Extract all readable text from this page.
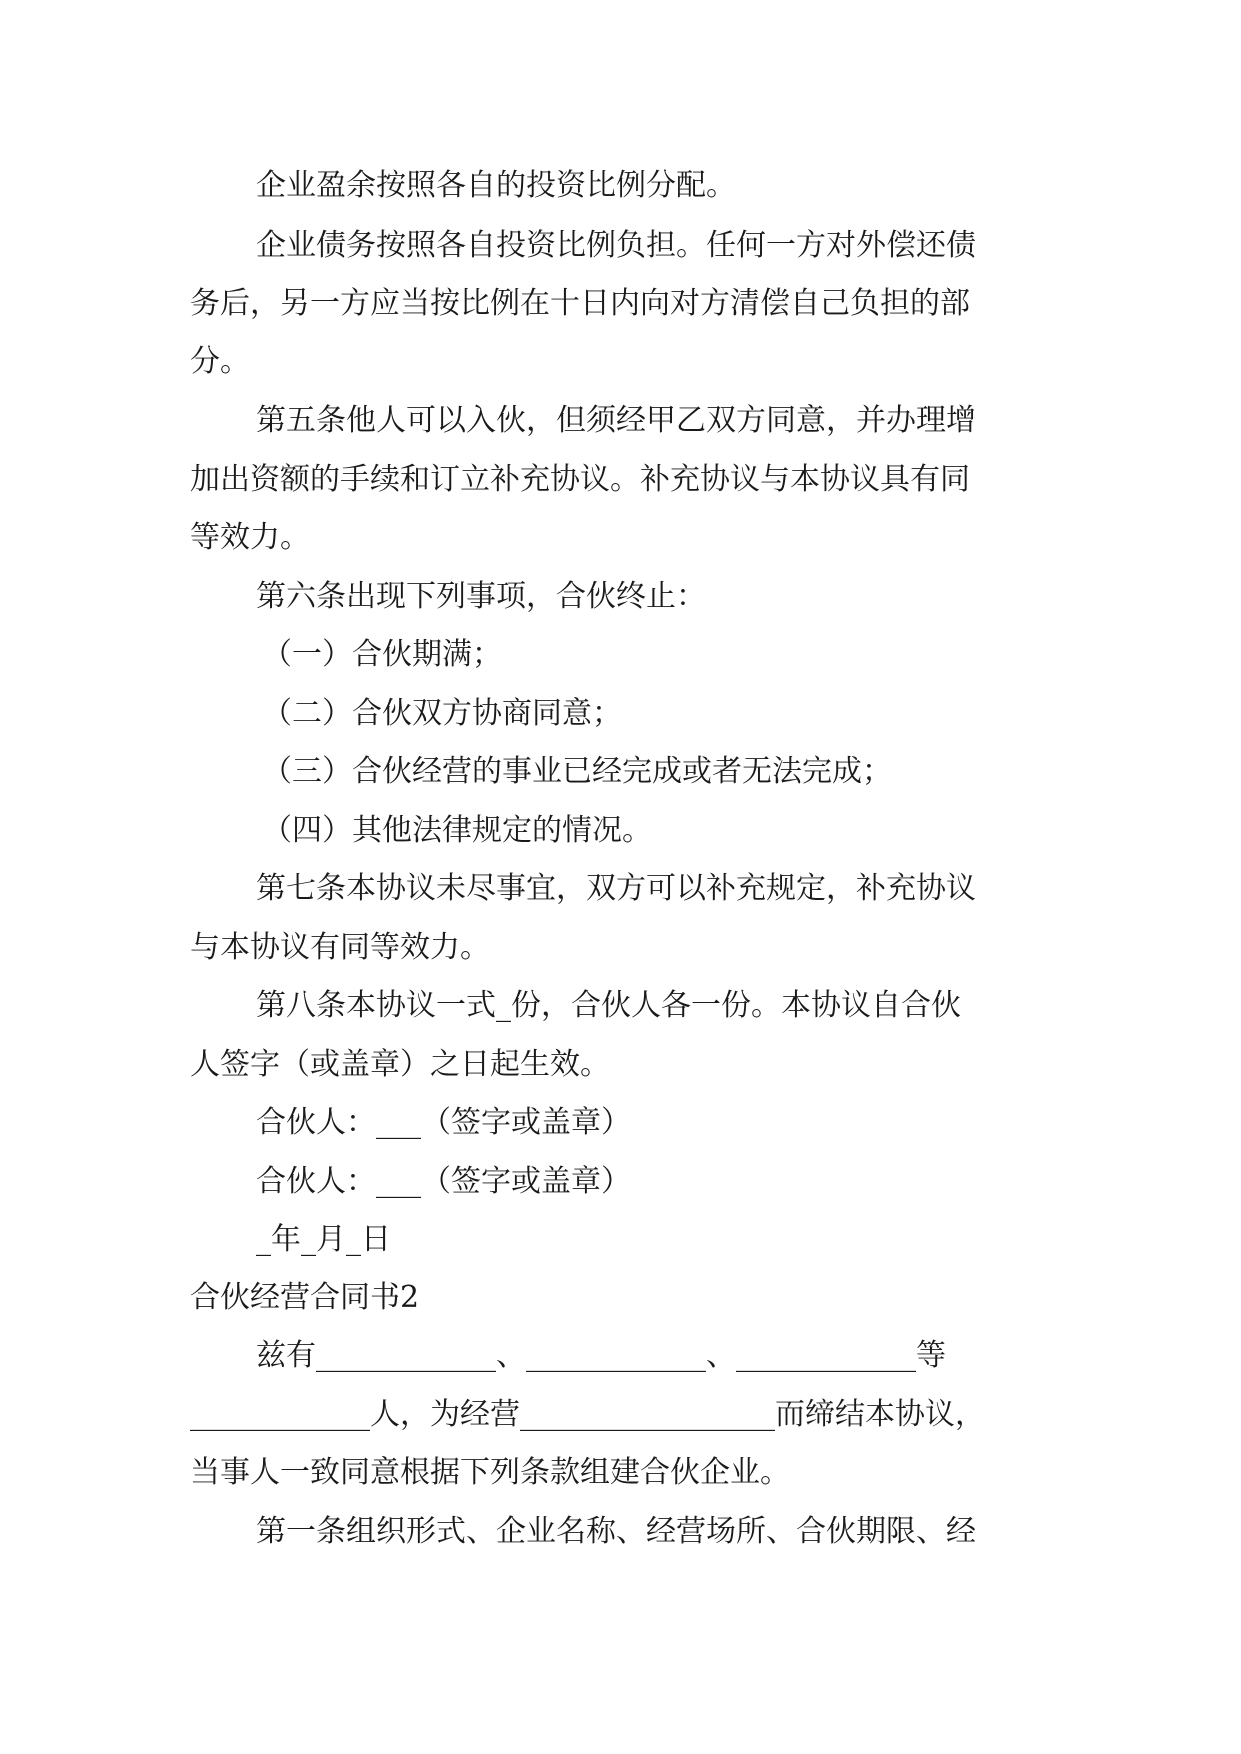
企业盈余按照各自的投资比例分配。

企业债务按照各自投资比例负担。任何一方对外偿还债

务后，另一方应当按比例在十日内向对方清偿自己负担的部

分。

第五条他人可以入伙，但须经甲乙双方同意，并办理增

加出资额的手续和订立补充协议。补充协议与本协议具有同

等效力。

第六条出现下列事项，合伙终止：

（一）合伙期满；

（二）合伙双方协商同意；

（三）合伙经营的事业已经完成或者无法完成；

（四）其他法律规定的情况。

第七条本协议未尽事宜，双方可以补充规定，补充协议

与本协议有同等效力。

第八条本协议一式_份，合伙人各一份。本协议自合伙

人签字（或盖章）之日起生效。

合伙人：___（签字或盖章）

合伙人：___（签字或盖章）

_年_月_日

合伙经营合同书2

兹有____________、____________、____________等

____________人，为经营_________________而缔结本协议，

当事人一致同意根据下列条款组建合伙企业。

第一条组织形式、企业名称、经营场所、合伙期限、经
